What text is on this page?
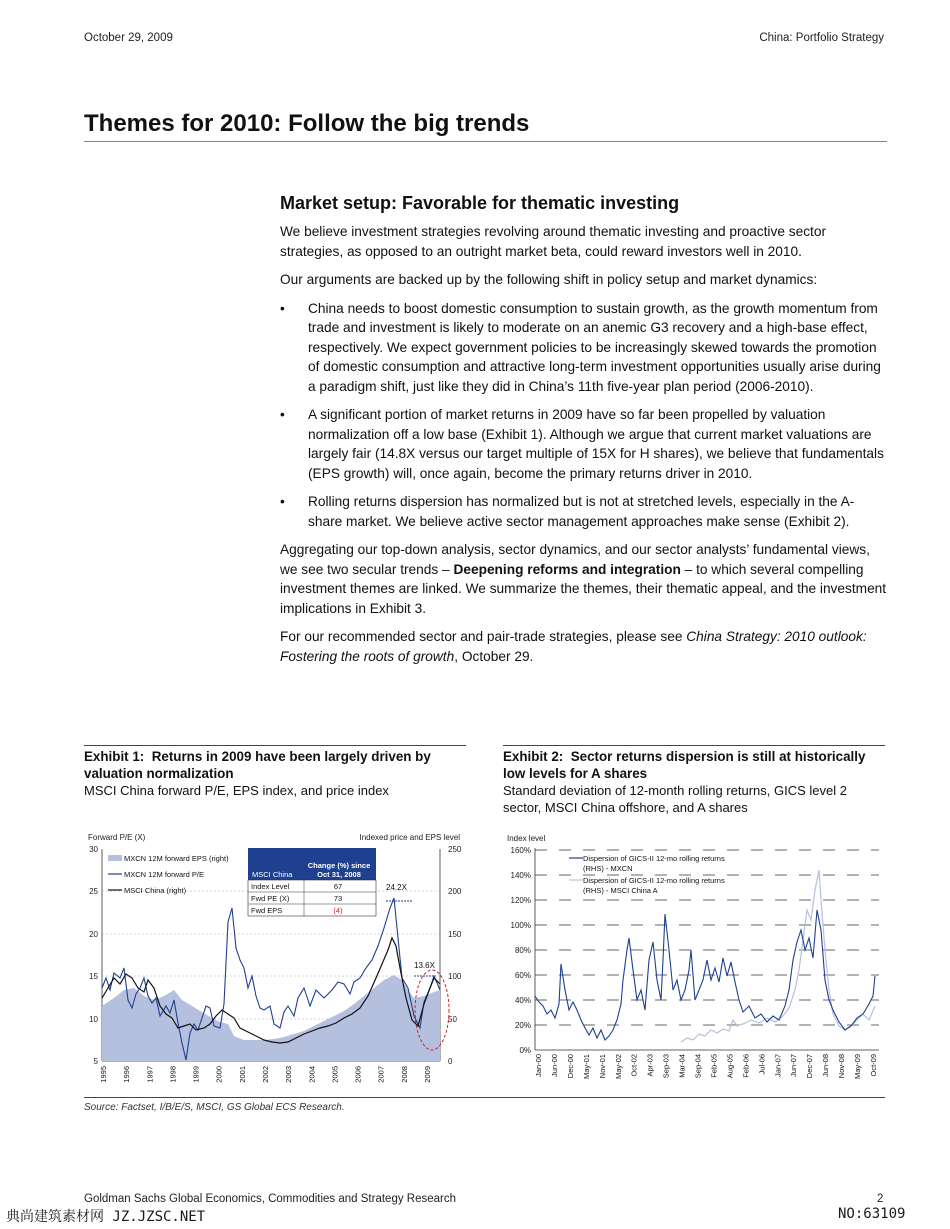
October 29, 2009	China: Portfolio Strategy
Themes for 2010: Follow the big trends
Market setup: Favorable for thematic investing

We believe investment strategies revolving around thematic investing and proactive sector strategies, as opposed to an outright market beta, could reward investors well in 2010.

Our arguments are backed up by the following shift in policy setup and market dynamics:

• China needs to boost domestic consumption to sustain growth, as the growth momentum from trade and investment is likely to moderate on an anemic G3 recovery and a high-base effect, respectively. We expect government policies to be increasingly skewed towards the promotion of domestic consumption and attractive long-term investment opportunities usually arise during a paradigm shift, just like they did in China’s 11th five-year plan period (2006-2010).
• A significant portion of market returns in 2009 have so far been propelled by valuation normalization off a low base (Exhibit 1). Although we argue that current market valuations are largely fair (14.8X versus our target multiple of 15X for H shares), we believe that fundamentals (EPS growth) will, once again, become the primary returns driver in 2010.
• Rolling returns dispersion has normalized but is not at stretched levels, especially in the A-share market. We believe active sector management approaches make sense (Exhibit 2).

Aggregating our top-down analysis, sector dynamics, and our sector analysts’ fundamental views, we see two secular trends – Deepening reforms and integration – to which several compelling investment themes are linked. We summarize the themes, their thematic appeal, and the investment implications in Exhibit 3.

For our recommended sector and pair-trade strategies, please see China Strategy: 2010 outlook: Fostering the roots of growth, October 29.

Exhibit 1: Returns in 2009 have been largely driven by valuation normalization
MSCI China forward P/E, EPS index, and price index
Forward P/E (X)	Indexed price and EPS level
30
25
20
15
10
5
250
200
150
100
50
0
24.2X
13.6X
MXCN 12M forward EPS (right)
MXCN 12M forward P/E
MSCI China (right)
MSCI China
Change (%) since
Oct 31, 2008
Index Level	67
Fwd PE (X)	73
Fwd EPS	(4)
1995 1996 1997 1998 1999 2000 2001 2002 2003 2004 2005 2006 2007 2008 2009
Exhibit 2: Sector returns dispersion is still at historically low levels for A shares
Standard deviation of 12-month rolling returns, GICS level 2 sector, MSCI China offshore, and A shares
Index level
160%
140%
120%
100%
80%
60%
40%
20%
0%
Dispersion of GICS-II 12-mo rolling returns
(RHS) - MXCN
Dispersion of GICS-II 12-mo rolling returns
(RHS) - MSCI China A
Jan-00 Jun-00 Dec-00 May-01 Nov-01 May-02 Oct-02 Apr-03 Sep-03 Mar-04 Sep-04 Feb-05 Aug-05 Feb-06 Jul-06 Jan-07 Jun-07 Dec-07 Jun-08 Nov-08 May-09 Oct-09
Source: Factset, I/B/E/S, MSCI, GS Global ECS Research.
Goldman Sachs Global Economics, Commodities and Strategy Research	2
典尚建筑素材网 JZ.JZSC.NET	NO:63109
